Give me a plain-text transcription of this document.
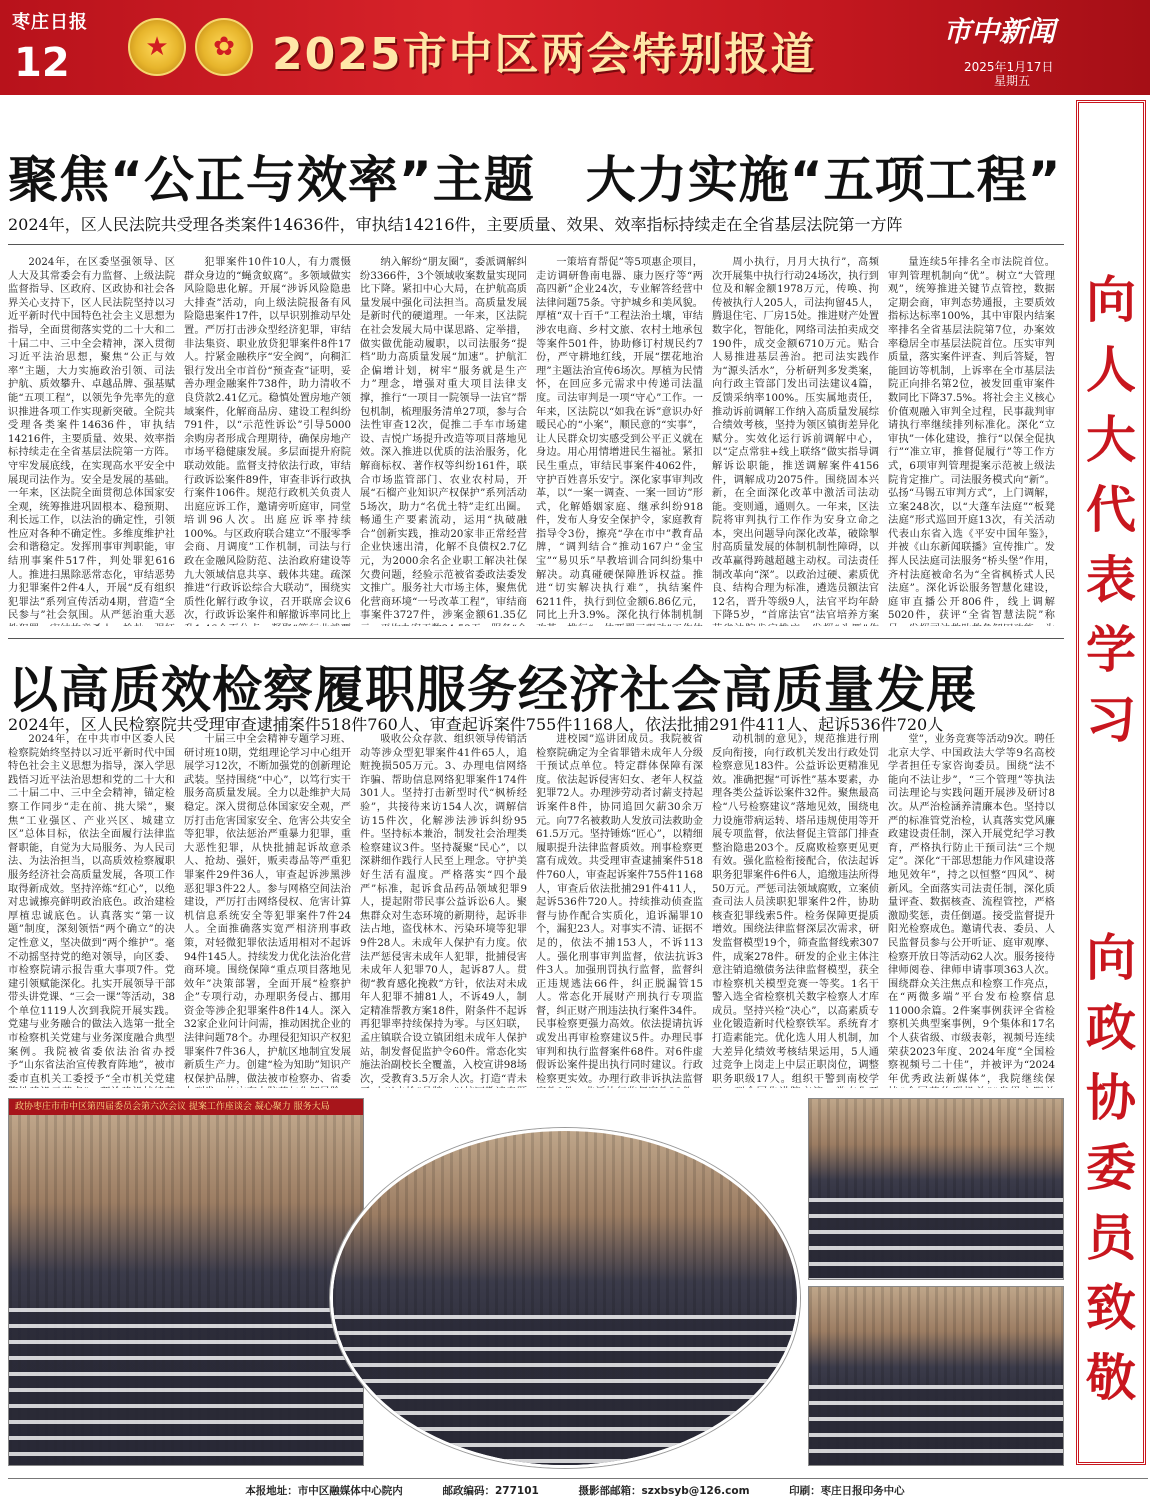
枣庄日报
12	★	✿ 2025市中区两会特别报道	市中新闻
2025年1月17日
星期五
向
人
大
代
表
学
习
向
政
协
委
员
致
敬
聚焦“公正与效率”主题　大力实施“五项工程”
2024年，区人民法院共受理各类案件14636件，审执结14216件，主要质量、效果、效率指标持续走在全省基层法院第一方阵

2024年，在区委坚强领导、区人大及其常委会有力监督、上级法院监督指导、区政府、区政协和社会各界关心支持下，区人民法院坚持以习近平新时代中国特色社会主义思想为指导，全面贯彻落实党的二十大和二十届二中、三中全会精神，深入贯彻习近平法治思想，聚焦“公正与效率”主题，大力实施政治引领、司法护航、质效攀升、卓越品牌、强基赋能“五项工程”，以领先争先率先的意识推进各项工作实现新突破。全院共受理各类案件14636件，审执结14216件，主要质量、效果、效率指标持续走在全省基层法院第一方阵。守牢发展底线，在实现高水平安全中展现司法作为。安全是发展的基础。一年来，区法院全面贯彻总体国家安全观，统筹推进巩固根本、稳预期、利长远工作，以法治的确定性，引领性应对各种不确定性。多维度维护社会和谐稳定。发挥刑事审判职能，审结刑事案件517件，判处罪犯616人。推进扫黑除恶常态化，审结恶势力犯罪案件2件4人，开展“反有组织犯罪法”系列宣传活动4期，营造“全民参与”社会氛围。从严惩治重大恶

犯罪案件10件10人，有力震慑群众身边的“蝇贪蚁腐”。多领域做实风险隐患化解。开展“涉诉风险隐患大排查”活动，向上级法院报备有风险隐患案件17件，以早识别推动早处置。严厉打击涉众型经济犯罪，审结非法集资、职业放贷犯罪案件8件17人。拧紧金融秩序“安全阀”，向稠汇银行发出全市首份“预查查”证明，妥善办理金融案件738件，助力清收不良贷款2.41亿元。稳慎处置房地产领域案件，化解商品房、建设工程纠纷791件，以“示范性诉讼”引导5000余购房者形成合理期待，确保房地产市场平稳健康发展。多层面提升府院联动效能。监督支持依法行政，审结行政诉讼案件89件，审查非诉行政执行案件106件。规范行政机关负责人出庭应诉工作，邀请旁听庭审，同堂培训96人次。出庭应诉率持续100%。与区政府联合建立“不服零季会商、月调度”工作机制，司法与行政在金融风险防范、法治政府建设等九大领域信息共享、载体共建。疏深推进“行政诉讼综合大联动”，围绕实质性化解行政争议，召开联席会议6次，行政诉讼案件和解撤诉率同比上

纳入解纷“朋友圈”，委派调解纠纷3366件，3个领域收案数量实现同比下降。紧扣中心大局，在护航高质量发展中强化司法担当。高质量发展是新时代的硬道理。一年来，区法院在社会发展大局中谋思路、定举措，做实做优能动履职，以司法服务“提档”助力高质量发展“加速”。护航汇企偏增计划，树牢“服务就是生产力”理念，增强对重大项目法律支撑，推行“一项目一院领导一法官”帮包机制，梳理服务清单27项，参与合法性审查12次，促推二手车市场建设、吉悦广场提升改造等项目落地见效。深入推进以优质的法治服务，化解商标权、著作权等纠纷161件，联合市场监管部门、农业农村局，开展“石榴产业知识产权保护”系列活动5场次，助力“名优土特”走红出圈。畅通生产要素流动，运用“执破融合”创新实践，推动20家非正常经营企业快速出清，化解不良债权2.7亿元，为2000余名企业职工解决社保欠费问题，经验示范被省委政法委发文推广。服务社大市场主体，聚焦优化营商环境“一号改革工程”，审结商事案件3727件，涉案金额61.35亿

一策培育帮促”等5项惠企项目，走访调研鲁南电器、康力医疗等“两高四新”企业24次，专业解答经营中法律问题75条。守护城乡和美风貌。厚植“双十百千”工程法治土壤，审结涉农电商、乡村文旅、农村土地承包等案件501件，协助修订村规民约7份，严守耕地红线，开展“摆花地治理”主题法治宣传6场次。厚植为民情怀，在回应多元需求中传递司法温度。司法审判是一项“守心”工作。一年来，区法院以“如我在诉”意识办好暖民心的“小案”，顺民意的“实事”，让人民群众切实感受到公平正义就在身边。用心用情增进民生福祉。紧扣民生重点，审结民事案件4062件，守护百姓喜乐安宁。深化家事审判改革，以“一案一调查、一案一回访”形式，化解婚姻家庭、继承纠纷918件，发布人身安全保护令，家庭教育指导令3份，擦亮“孕在市中”教育品牌，“调判结合”推动167户“金宝宝”“易贝乐”早教培训合同纠纷集中解决。动真碰硬保障胜诉权益。推进“切实解决执行难”，执结案件6211件，执行到位金额6.86亿元，同比上升3.9%。深化执行体制机制

周小执行，月月大执行”，高频次开展集中执行行动24场次，执行到位及和解金额1978万元，传唤、拘传被执行人205人，司法拘留45人，腾退住宅、厂房15处。推进财产处置数字化，智能化，网络司法拍卖成交190件，成交金额6710万元。贴合人易推进基层善治。把司法实践作为“源头活水”，分析研判多发类案，向行政主管部门发出司法建议4篇，反馈采纳率100%。压实属地责任，推动诉前调解工作纳入高质量发展综合绩效考核，坚持为领区镇街差异化赋分。实效化运行诉前调解中心，以“定点常驻+线上联络”做实指导调解诉讼职能，推送调解案件4156件，调解成功2075件。围绕固本兴新，在全面深化改革中激活司法动能。变则通，通则久。一年来，区法院将审判执行工作作为安身立命之本，突出问题导向深化改革，破除掣肘高质量发展的体制机制性障碍，以改革赢得跨越超越主动权。司法责任制改革向“深”。以政治过硬、素质优良、结构合理为标准，遴选员额法官12名，晋升等级9人，法官平均年龄下降5岁，“首席法官”法官培养方案

量连续5年排名全市法院首位。审判管理机制向“优”。树立“大管理观”，统筹推进关键节点管控，数据定期会商，审判态势通报，主要质效指标达标率100%，其中审限内结案率排名全省基层法院第7位，办案效率稳居全市基层法院首位。压实审判质量，落实案件评查、判后答疑，智能回访等机制，上诉率在全市基层法院正向排名第2位，被发回重审案件数同比下降37.5%。将社会主义核心价值观融入审判全过程，民事裁判审请执行率继续排列标准化。深化“立审执”一体化建设，推行“以保全促执行”“准立审，推督促履行”等工作方式，6项审判管理提案示范被上级法院肯定推广。司法服务模式向“新”。弘扬“马锡五审判方式”，上门调解，立案248次，以“大蓬车法庭”“板凳法庭”形式巡回开庭13次，有关活动代表山东省入选《平安中国年鉴》，并被《山东新闻联播》宣传推广。发挥人民法庭司法服务“桥头堡”作用，齐村法庭被命名为“全省枫桥式人民法庭”。深化诉讼服务智慧化建设，庭审直播公开806件，线上调解5020件，获评“全省智慧法院”称

以高质效检察履职服务经济社会高质量发展
2024年，区人民检察院共受理审查逮捕案件518件760人、审查起诉案件755件1168人，依法批捕291件411人、起诉536件720人

2024年，在中共市中区委人民检察院始终坚持以习近平新时代中国特色社会主义思想为指导，深入学思践悟习近平法治思想和党的二十大和二十届二中、三中全会精神，锚定检察工作同步“走在前、挑大梁”，聚焦“工业强区、产业兴区、城建立区”总体目标，依法全面履行法律监督职能，自觉为大局服务、为人民司法、为法治担当，以高质效检察履职服务经济社会高质量发展，各项工作取得新成效。坚持淬炼“红心”，以绝对忠诚擦亮鲜明政治底色。政治建检厚植忠诚底色。认真落实“第一议题”制度，深刻领悟“两个确立”的决定性意义，坚决做到“两个维护”。毫不动摇坚持党的绝对领导，向区委、市检察院请示报告重大事项7件。党建引领赋能深化。扎实开展领导干部带头讲党课、“三会一课”等活动，38个单位1119人次到我院开展实践。党建与业务融合的做法入选第一批全市检察机关党建与业务深度融合典型案例。我院被省委依法治省办授予“山东省法治宣传教育阵地”，被市委市直机关工委授予“全市机关党建

十届三中全会精神专题学习班、研讨班10期，党组理论学习中心组开展学习12次，不断加强党的创新理论武装。坚持围绕“中心”，以笃行实干服务高质量发展。全力以赴维护大局稳定。深入贯彻总体国家安全观，严厉打击危害国家安全、危害公共安全等犯罪，依法惩治严重暴力犯罪，重大恶性犯罪，从快批捕起诉故意杀人、抢劫、强奸，贩卖毒品等严重犯罪案件29件36人，审查起诉涉黑涉恶犯罪3件22人。参与网格空间法治建设，严厉打击网络侵权、危害计算机信息系统安全等犯罪案件7件24人。全面推确落实宽严相济刑事政策，对轻微犯罪依法适用相对不起诉94件145人。持续发力优化法治化营商环境。围绕保障“重点项目落地见效年”决策部署，全面开展“检察护企”专项行动，办理职务侵占、挪用资金等涉企犯罪案件8件14人。深入32家企业问计问需，推动困扰企业的法律问题78个。办理侵犯知识产权犯罪案件7件36人，护航区地制宜发展新质生产力。创建“检为知助”知识产权保护品牌，做法被市检察办、省委

吸收公众存款、组织领导传销活动等涉众型犯罪案件41件65人，追赃挽损505万元。3、办理电信网络诈骗、帮助信息网络犯罪案件174件301人。坚持打击新型时代“枫桥经验”，共接待来访154人次，调解信访15件次，化解涉法涉诉纠纷95件。坚持标本兼治，制发社会治理类检察建议3件。坚持凝聚“民心”，以深耕细作践行人民至上理念。守护美好生活有温度。严格落实“四个最严”标准，起诉食品药品领域犯罪9人，提起附带民事公益诉讼6人。聚焦群众对生态环境的新期待，起诉非法占地，盗伐林木、污染环境等犯罪9件28人。未成年人保护有力度。依法严惩侵害未成年人犯罪，批捕侵害未成年人犯罪70人，起诉87人。贯彻“教育感化挽救”方针，依法对未成年人犯罪不捕81人，不诉49人，制定精准帮教方案18件，附条件不起诉再犯罪率持续保持为零。与区妇联，孟庄镇联合设立镇团组未成年人保护站，制发督促监护令60件。常态化实施法治副校长全覆盖，入校宣讲98场次，受教育3.5万余人次。打造“青未

进校园”巡讲团成员。我院被省检察院确定为全省罪错未成年人分级干预试点单位。特定群体保障有深度。依法起诉侵害妇女、老年人权益犯罪72人。办理涉劳动者讨薪支持起诉案件8件，协同追回欠薪30余万元。向77名被救助人发放司法救助金61.5万元。坚持锤炼“匠心”，以精细履职提升法律监督质效。刑事检察更富有成效。共受理审查逮捕案件518件760人，审查起诉案件755件1168人，审查后依法批捕291件411人，起诉536件720人。持续推动侦查监督与协作配合实质化，追诉漏罪10个，漏犯23人。对事实不清、证据不足的，依法不捕153人，不诉113人。强化刑事审判监督，依法抗诉3件3人。加强刑罚执行监督，监督纠正违规逃法66件，纠正脱漏管15人。常态化开展财产刑执行专项监督，纠正财产刑违法执行案件34件。民事检察更强力高效。依法提请抗诉或发出再审检察建议5件。办理民事审判和执行监督案件68件。对6件虚假诉讼案件提出执行同时建议。行政检察更实效。办理行政非诉执法监督

动机制的意见》，规范推进行刑反向衔接，向行政机关发出行政处罚检察意见183件。公益诉讼更精准见效。准确把握“可诉性”基本要素，办理各类公益诉讼案件32件。聚焦最高检“八号检察建议”落地见效，围绕电力设施带病运转、塔吊违规使用等开展专项监督，依法督促主管部门排查整治隐患203个。反腐败检察更见更有效。强化监检衔接配合，依法起诉职务犯罪案件6件6人，追缴违法所得50万元。严惩司法领域腐败，立案侦查司法人员渎职犯罪案件2件，协助核查犯罪线索5件。检务保障更提质增效。围绕法律监督深层次需求，研发监督模型19个，筛查监督线索307件，成案278件。研发的企业主体注意注销追缴债务法律监督模型，获全市检察机关模型竞赛一等奖。1名干警入选全省检察机关数字检察人才库成员。坚持兴检“决心”，以高素质专业化锻造新时代检察铁军。系统育才打造素能完。优化选人用人机制，加大差异化绩效考核结果运用，5人通过竞争上岗走上中层正职岗位，调整职务职级17人。组织干警到南校学

堂”，业务竞赛等活动9次。聘任北京大学、中国政法大学等9名高校学者担任专家咨询委员。围绕“法不能向不法让步”，“三个管理”等执法司法理论与实践问题开展涉及研讨8次。从严治检涵养清廉本色。坚持以严的标准管党治检，认真落实党风廉政建设责任制，深入开展党纪学习教育，严格执行防止干预司法“三个规定”。深化“干部思想能力作风建设落地见效年”，持之以恒整“四风”、树新风。全面落实司法责任制，深化质量评查、数据核查、流程管控，严格激励奖惩，责任倒逼。接受监督提升阳光检察成色。邀请代表、委员、人民监督员参与公开听证、庭审观摩、检察开放日等活动62人次。服务接待律师阅卷、律师申请事项363人次。围绕群众关注焦点和检察工作亮点，在“两微多端”平台发布检察信息11000余篇。2件案事例获评全省检察机关典型案事例，9个集体和17名个人获省级、市级表彰，视频号连续荣获2023年度、2024年度“全国检察视频号二十佳”，并被评为“2024年优秀政法新媒体”，我院继续保

政协枣庄市市中区第四届委员会第六次会议 提案工作座谈会 凝心聚力 服务大局
本报地址：市中区融媒体中心院内	邮政编码：277101	摄影部邮箱：szxbsyb@126.com	印刷：枣庄日报印务中心
